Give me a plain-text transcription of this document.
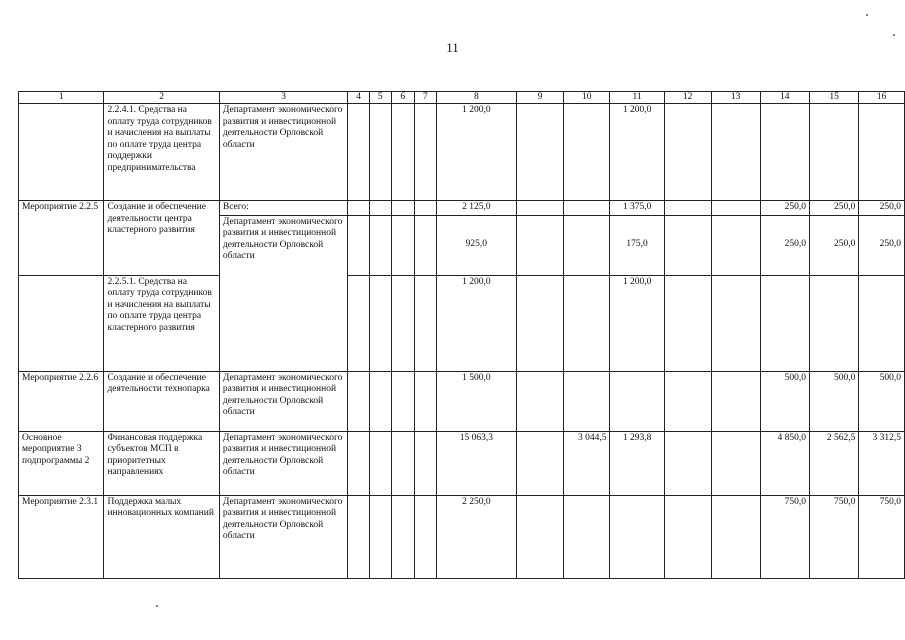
11
1	2	3	4	5	6	7	8	9	10	11	12	13	14	15	16
	2.2.4.1. Средства на оплату труда сотрудников и начисления на выплаты по оплате труда центра поддержки предпринимательства	Департамент экономического развития и инвестиционной деятельности Орловской области					1 200,0			1 200,0					
Мероприятие 2.2.5	Создание и обеспечение деятельности центра кластерного развития	Всего:					2 125,0			1 375,0			250,0	250,0	250,0
		Департамент экономического развития и инвестиционной деятельности Орловской области					925,0			175,0			250,0	250,0	250,0
	2.2.5.1. Средства на оплату труда сотрудников и начисления на выплаты по оплате труда центра кластерного развития						1 200,0			1 200,0					
Мероприятие 2.2.6	Создание и обеспечение деятельности технопарка	Департамент экономического развития и инвестиционной деятельности Орловской области					1 500,0						500,0	500,0	500,0
Основное мероприятие 3 подпрограммы 2	Финансовая поддержка субъектов МСП в приоритетных направлениях	Департамент экономического развития и инвестиционной деятельности Орловской области					15 063,3		3 044,5	1 293,8			4 850,0	2 562,5	3 312,5
Мероприятие 2.3.1	Поддержка малых инновационных компаний	Департамент экономического развития и инвестиционной деятельности Орловской области					2 250,0						750,0	750,0	750,0
